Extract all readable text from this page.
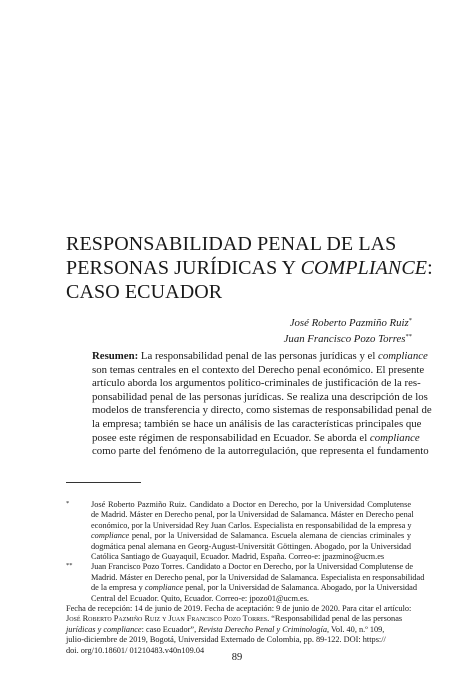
RESPONSABILIDAD PENAL DE LAS
PERSONAS JURÍDICAS Y COMPLIANCE:
CASO ECUADOR
José Roberto Pazmiño Ruiz*
Juan Francisco Pozo Torres**
Resumen: La responsabilidad penal de las personas jurídicas y el compliance
son temas centrales en el contexto del Derecho penal económico. El presente
artículo aborda los argumentos político-criminales de justificación de la res-
ponsabilidad penal de las personas jurídicas. Se realiza una descripción de los
modelos de transferencia y directo, como sistemas de responsabilidad penal de
la empresa; también se hace un análisis de las características principales que
posee este régimen de responsabilidad en Ecuador. Se aborda el compliance
como parte del fenómeno de la autorregulación, que representa el fundamento
*	José Roberto Pazmiño Ruiz. Candidato a Doctor en Derecho, por la Universidad Complutense
de Madrid. Máster en Derecho penal, por la Universidad de Salamanca. Máster en Derecho penal
económico, por la Universidad Rey Juan Carlos. Especialista en responsabilidad de la empresa y
compliance penal, por la Universidad de Salamanca. Escuela alemana de ciencias criminales y
dogmática penal alemana en Georg-August-Universität Göttingen. Abogado, por la Universidad
Católica Santiago de Guayaquil, Ecuador. Madrid, España. Correo-e: jpazmino@ucm.es
** Juan Francisco Pozo Torres. Candidato a Doctor en Derecho, por la Universidad Complutense de
Madrid. Máster en Derecho penal, por la Universidad de Salamanca. Especialista en responsabilidad
de la empresa y compliance penal, por la Universidad de Salamanca. Abogado, por la Universidad
Central del Ecuador. Quito, Ecuador. Correo-e: jpozo01@ucm.es.
Fecha de recepción: 14 de junio de 2019. Fecha de aceptación: 9 de junio de 2020. Para citar el artículo:
José Roberto Pazmiño Ruiz y Juan Francisco Pozo Torres. “Responsabilidad penal de las personas
jurídicas y compliance: caso Ecuador”, Revista Derecho Penal y Criminología, Vol. 40, n.º 109,
julio-diciembre de 2019, Bogotá, Universidad Externado de Colombia, pp. 89-122. DOI: https://
doi. org/10.18601/ 01210483.v40n109.04
89
